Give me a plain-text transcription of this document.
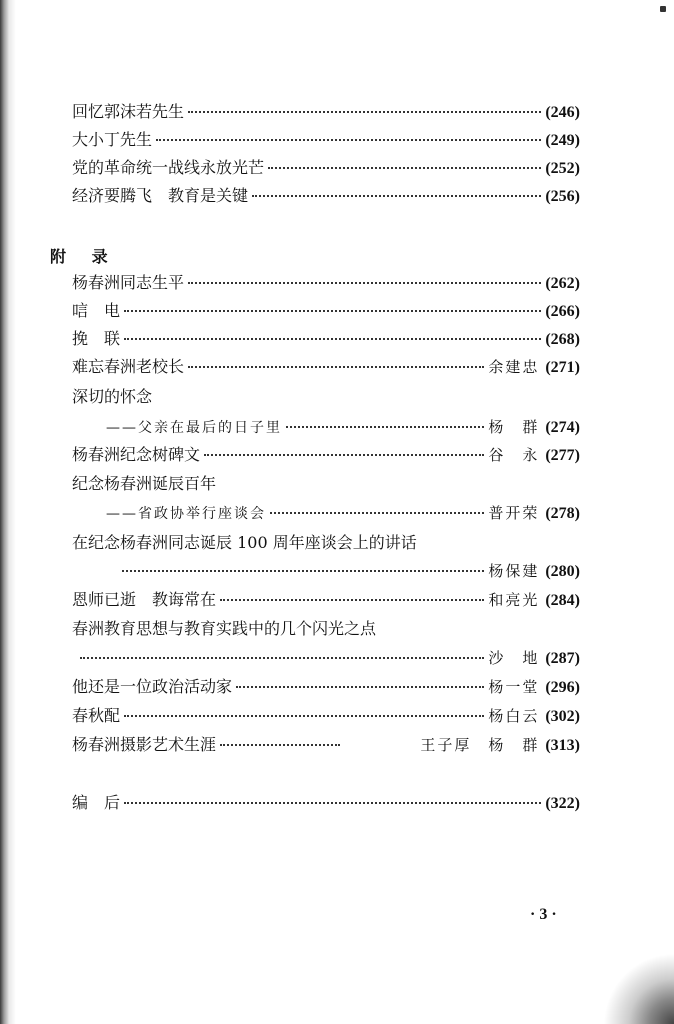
回忆郭沫若先生	(246)
大小丁先生	(249)
党的革命统一战线永放光芒	(252)
经济要腾飞　教育是关键	(256)
附 录
杨春洲同志生平	(262)
唁　电	(266)
挽　联	(268)
难忘春洲老校长	余建忠 (271)
深切的怀念
——父亲在最后的日子里	杨　群 (274)
杨春洲纪念树碑文	谷　永 (277)
纪念杨春洲诞辰百年
——省政协举行座谈会	普开荣 (278)
在纪念杨春洲同志诞辰 100 周年座谈会上的讲话
杨保建 (280)
恩师已逝　教诲常在	和亮光 (284)
春洲教育思想与教育实践中的几个闪光之点
沙　地 (287)
他还是一位政治活动家	杨一堂 (296)
春秋配	杨白云 (302)
杨春洲摄影艺术生涯	王子厚　杨　群 (313)
编　后	(322)
· 3 ·
